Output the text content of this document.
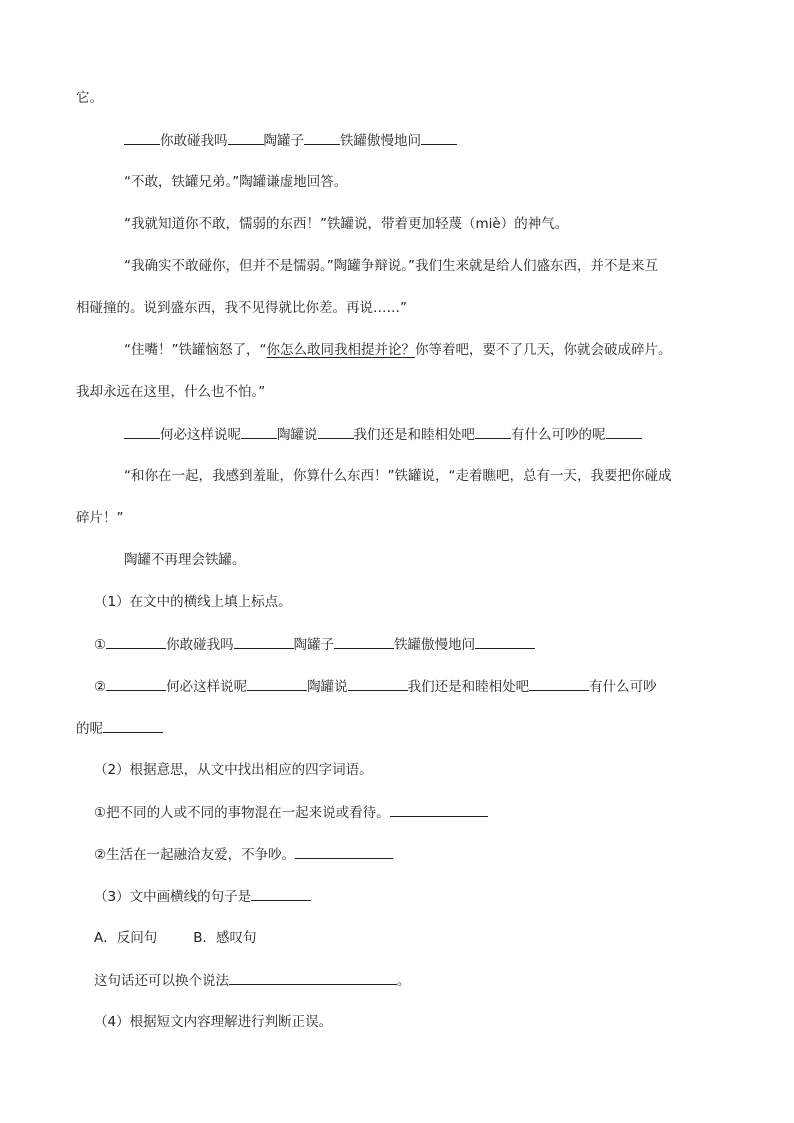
它。
你敢碰我吗	陶罐子	铁罐傲慢地问
“不敢，铁罐兄弟。”陶罐谦虚地回答。
“我就知道你不敢，懦弱的东西！”铁罐说，带着更加轻蔑（miè）的神气。
“我确实不敢碰你，但并不是懦弱。”陶罐争辩说。”我们生来就是给人们盛东西，并不是来互
相碰撞的。说到盛东西，我不见得就比你差。再说……”
“住嘴！”铁罐恼怒了，“你怎么敢同我相提并论？你等着吧，要不了几天，你就会破成碎片。
我却永远在这里，什么也不怕。”
何必这样说呢	陶罐说	我们还是和睦相处吧	有什么可吵的呢
“和你在一起，我感到羞耻，你算什么东西！”铁罐说，“走着瞧吧，总有一天，我要把你碰成
碎片！”
陶罐不再理会铁罐。
（1）在文中的横线上填上标点。
①	你敢碰我吗	陶罐子	铁罐傲慢地问
②	何必这样说呢	陶罐说	我们还是和睦相处吧	有什么可吵
的呢
（2）根据意思，从文中找出相应的四字词语。
①把不同的人或不同的事物混在一起来说或看待。
②生活在一起融洽友爱，不争吵。
（3）文中画横线的句子是
A．反问句	B．感叹句
这句话还可以换个说法	。
（4）根据短文内容理解进行判断正误。
